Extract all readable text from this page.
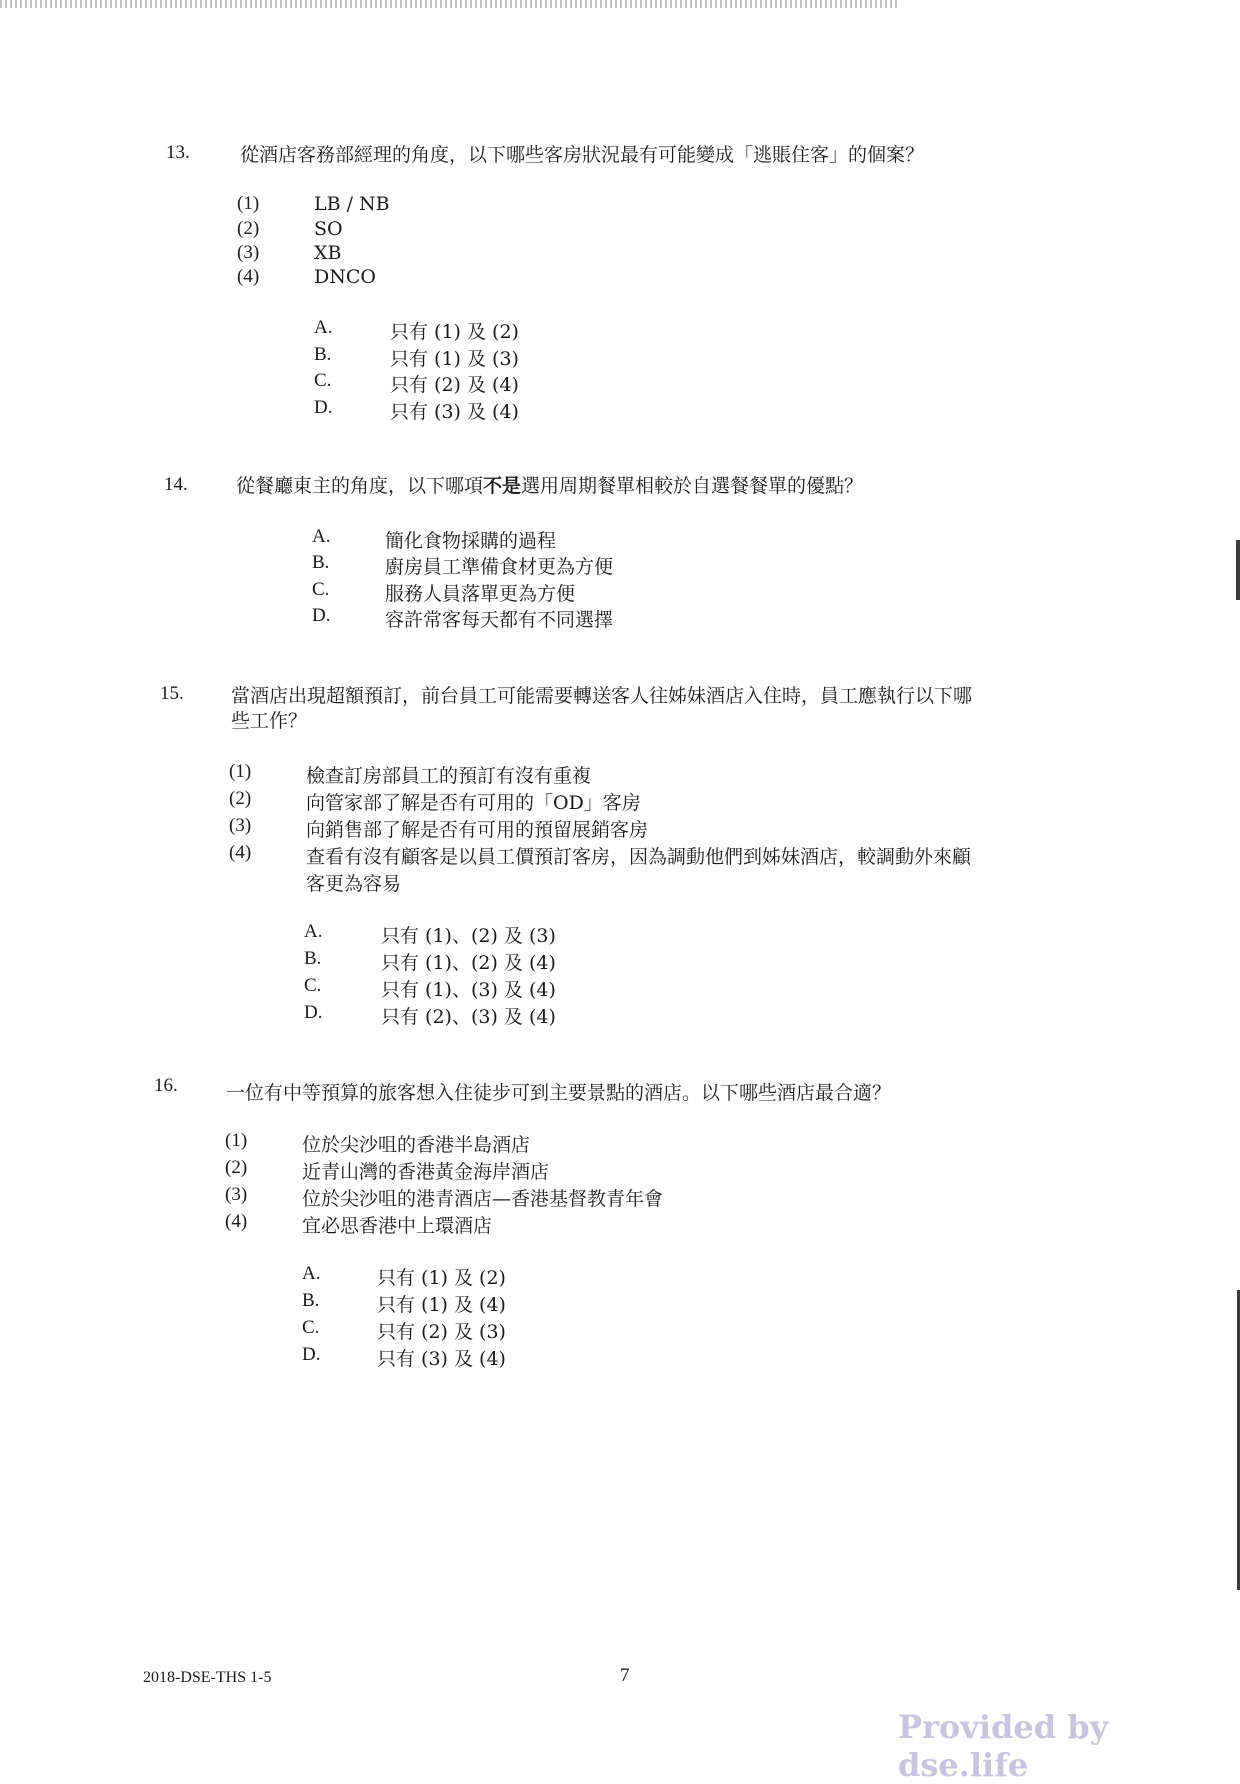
13.	從酒店客務部經理的角度，以下哪些客房狀況最有可能變成「逃賬住客」的個案？
(1)	LB / NB
(2)	SO
(3)	XB
(4)	DNCO
A.	只有 (1) 及 (2)
B.	只有 (1) 及 (3)
C.	只有 (2) 及 (4)
D.	只有 (3) 及 (4)
14.	從餐廳東主的角度，以下哪項不是選用周期餐單相較於自選餐餐單的優點？
A.	簡化食物採購的過程
B.	廚房員工準備食材更為方便
C.	服務人員落單更為方便
D.	容許常客每天都有不同選擇
15. 當酒店出現超額預訂，前台員工可能需要轉送客人往姊妹酒店入住時，員工應執行以下哪
些工作？
(1)	檢查訂房部員工的預訂有沒有重複
(2)	向管家部了解是否有可用的「OD」客房
(3)	向銷售部了解是否有可用的預留展銷客房
(4)	查看有沒有顧客是以員工價預訂客房，因為調動他們到姊妹酒店，較調動外來顧
客更為容易
A.	只有 (1)、(2) 及 (3)
B.	只有 (1)、(2) 及 (4)
C.	只有 (1)、(3) 及 (4)
D.	只有 (2)、(3) 及 (4)
16.	一位有中等預算的旅客想入住徒步可到主要景點的酒店。以下哪些酒店最合適？
(1)	位於尖沙咀的香港半島酒店
(2)	近青山灣的香港黃金海岸酒店
(3)	位於尖沙咀的港青酒店—香港基督教青年會
(4)	宜必思香港中上環酒店
A.	只有 (1) 及 (2)
B.	只有 (1) 及 (4)
C.	只有 (2) 及 (3)
D.	只有 (3) 及 (4)
2018-DSE-THS 1-5	7
Provided by dse.life
